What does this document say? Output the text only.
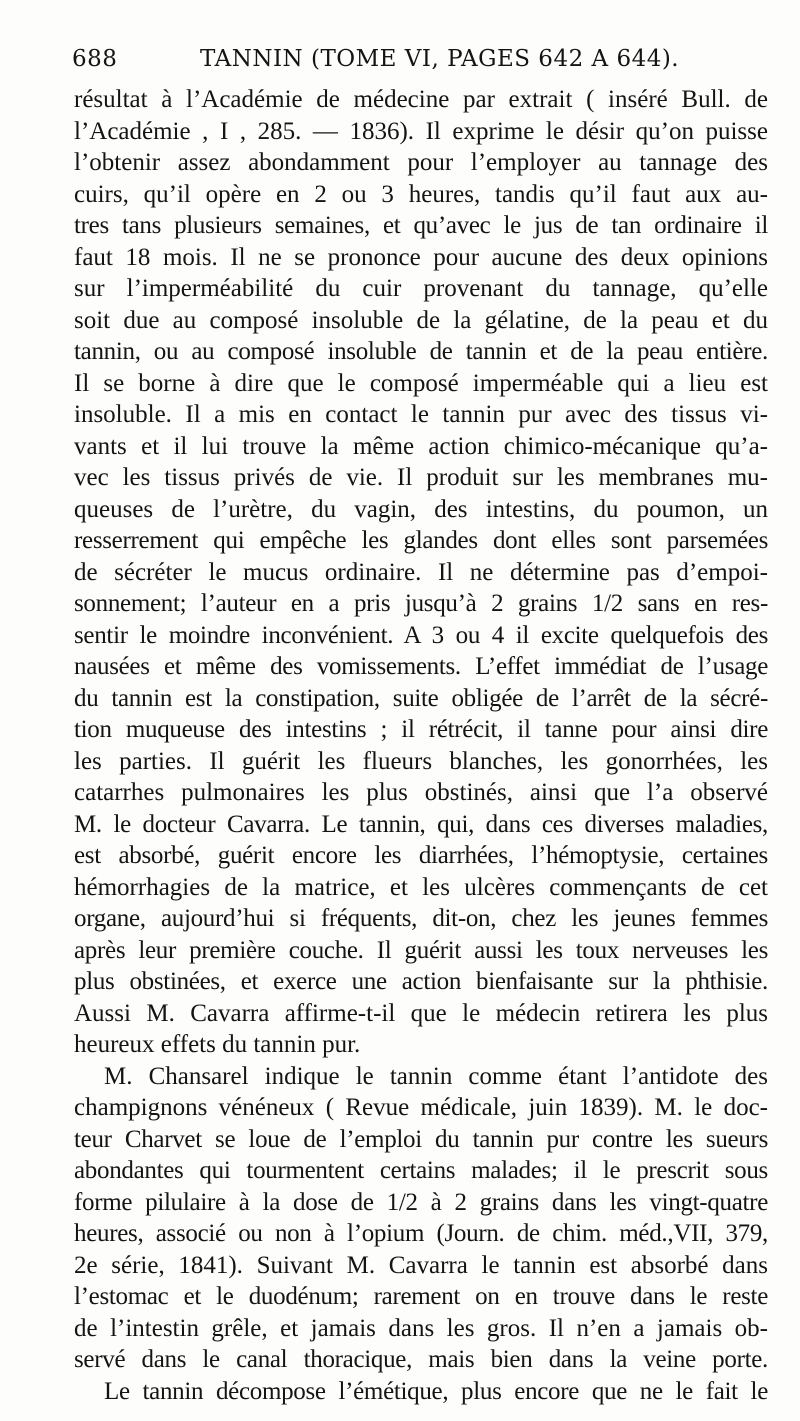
688	TANNIN (TOME VI, PAGES 642 A 644).
résultat à l’Académie de médecine par extrait ( inséré Bull. de
l’Académie , I , 285. — 1836). Il exprime le désir qu’on puisse
l’obtenir assez abondamment pour l’employer au tannage des
cuirs, qu’il opère en 2 ou 3 heures, tandis qu’il faut aux au-
tres tans plusieurs semaines, et qu’avec le jus de tan ordinaire il
faut 18 mois. Il ne se prononce pour aucune des deux opinions
sur l’imperméabilité du cuir provenant du tannage, qu’elle
soit due au composé insoluble de la gélatine, de la peau et du
tannin, ou au composé insoluble de tannin et de la peau entière.
Il se borne à dire que le composé imperméable qui a lieu est
insoluble. Il a mis en contact le tannin pur avec des tissus vi-
vants et il lui trouve la même action chimico-mécanique qu’a-
vec les tissus privés de vie. Il produit sur les membranes mu-
queuses de l’urètre, du vagin, des intestins, du poumon, un
resserrement qui empêche les glandes dont elles sont parsemées
de sécréter le mucus ordinaire. Il ne détermine pas d’empoi-
sonnement; l’auteur en a pris jusqu’à 2 grains 1/2 sans en res-
sentir le moindre inconvénient. A 3 ou 4 il excite quelquefois des
nausées et même des vomissements. L’effet immédiat de l’usage
du tannin est la constipation, suite obligée de l’arrêt de la sécré-
tion muqueuse des intestins ; il rétrécit, il tanne pour ainsi dire
les parties. Il guérit les flueurs blanches, les gonorrhées, les
catarrhes pulmonaires les plus obstinés, ainsi que l’a observé
M. le docteur Cavarra. Le tannin, qui, dans ces diverses maladies,
est absorbé, guérit encore les diarrhées, l’hémoptysie, certaines
hémorrhagies de la matrice, et les ulcères commençants de cet
organe, aujourd’hui si fréquents, dit-on, chez les jeunes femmes
après leur première couche. Il guérit aussi les toux nerveuses les
plus obstinées, et exerce une action bienfaisante sur la phthisie.
Aussi M. Cavarra affirme-t-il que le médecin retirera les plus
heureux effets du tannin pur.
M. Chansarel indique le tannin comme étant l’antidote des
champignons vénéneux ( Revue médicale, juin 1839). M. le doc-
teur Charvet se loue de l’emploi du tannin pur contre les sueurs
abondantes qui tourmentent certains malades; il le prescrit sous
forme pilulaire à la dose de 1/2 à 2 grains dans les vingt-quatre
heures, associé ou non à l’opium (Journ. de chim. méd.,VII, 379,
2e série, 1841). Suivant M. Cavarra le tannin est absorbé dans
l’estomac et le duodénum; rarement on en trouve dans le reste
de l’intestin grêle, et jamais dans les gros. Il n’en a jamais ob-
servé dans le canal thoracique, mais bien dans la veine porte.
Le tannin décompose l’émétique, plus encore que ne le fait le
